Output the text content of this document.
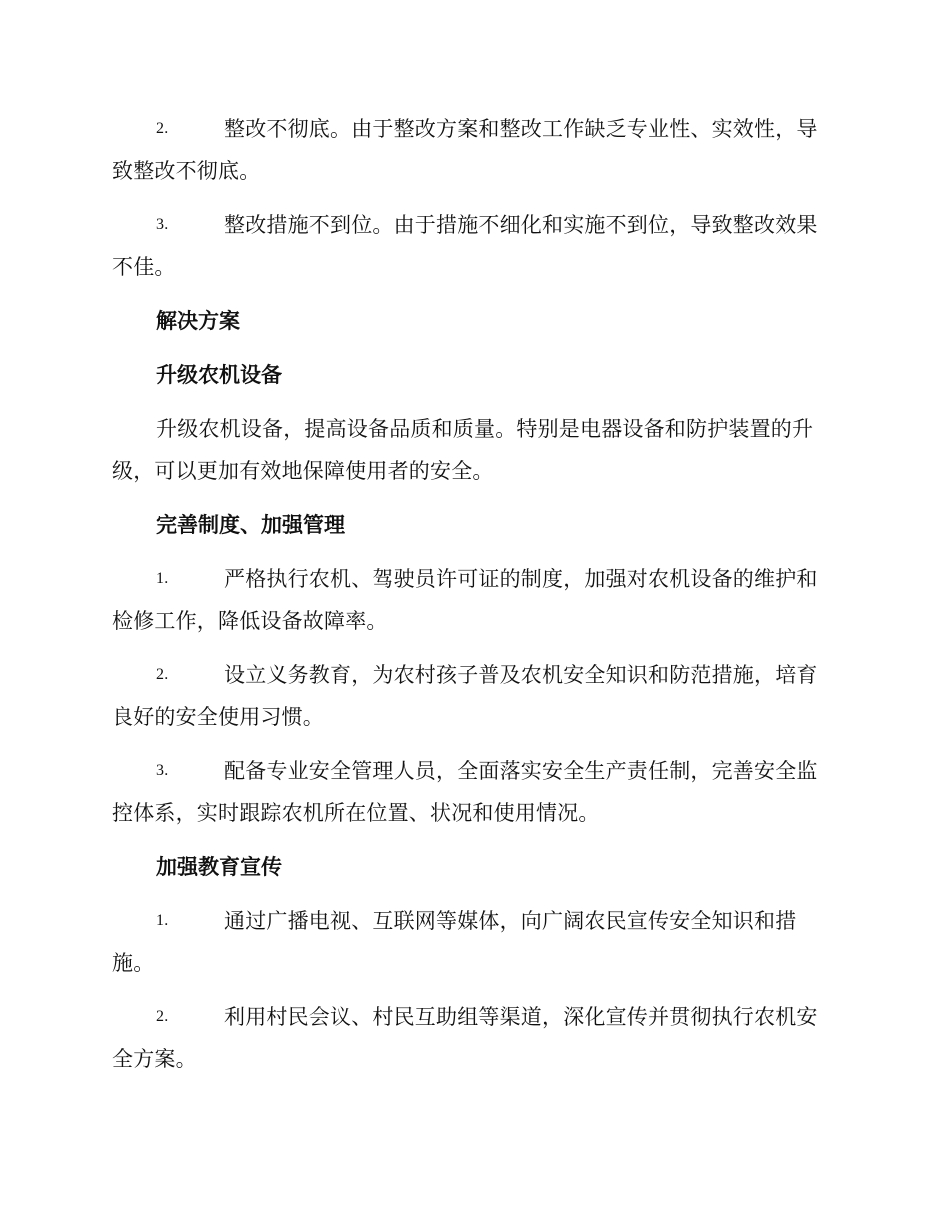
2.	整改不彻底。由于整改方案和整改工作缺乏专业性、实效性，导致整改不彻底。

3.	整改措施不到位。由于措施不细化和实施不到位，导致整改效果不佳。

解决方案

升级农机设备

升级农机设备，提高设备品质和质量。特别是电器设备和防护装置的升级，可以更加有效地保障使用者的安全。

完善制度、加强管理

1.	严格执行农机、驾驶员许可证的制度，加强对农机设备的维护和检修工作，降低设备故障率。

2.	设立义务教育，为农村孩子普及农机安全知识和防范措施，培育良好的安全使用习惯。

3.	配备专业安全管理人员，全面落实安全生产责任制，完善安全监控体系，实时跟踪农机所在位置、状况和使用情况。

加强教育宣传

1.	通过广播电视、互联网等媒体，向广阔农民宣传安全知识和措施。

2.	利用村民会议、村民互助组等渠道，深化宣传并贯彻执行农机安全方案。
